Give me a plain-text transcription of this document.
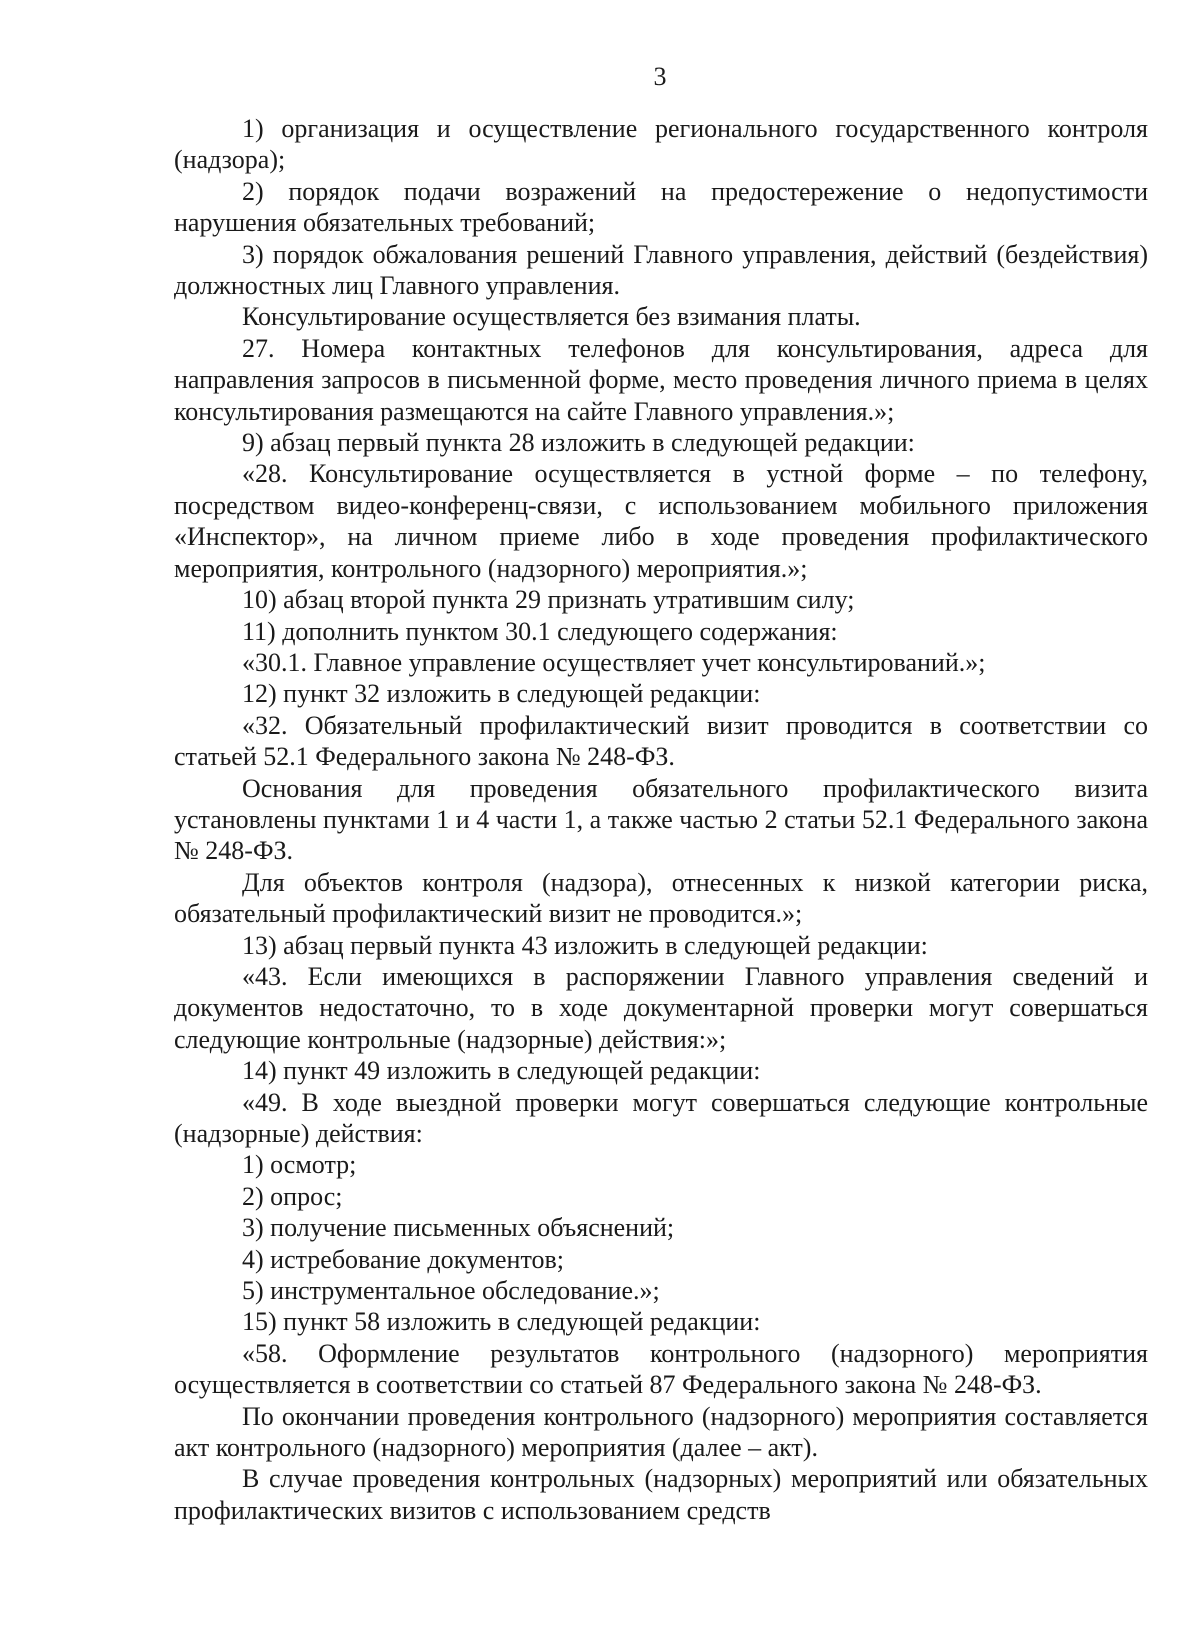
3

1) организация и осуществление регионального государственного контроля (надзора);

2) порядок подачи возражений на предостережение о недопустимости нарушения обязательных требований;

3) порядок обжалования решений Главного управления, действий (бездействия) должностных лиц Главного управления.

Консультирование осуществляется без взимания платы.

27. Номера контактных телефонов для консультирования, адреса для направления запросов в письменной форме, место проведения личного приема в целях консультирования размещаются на сайте Главного управления.»;

9) абзац первый пункта 28 изложить в следующей редакции:

«28. Консультирование осуществляется в устной форме – по телефону, посредством видео-конференц-связи, с использованием мобильного приложения «Инспектор», на личном приеме либо в ходе проведения профилактического мероприятия, контрольного (надзорного) мероприятия.»;

10) абзац второй пункта 29 признать утратившим силу;

11) дополнить пунктом 30.1 следующего содержания:

«30.1. Главное управление осуществляет учет консультирований.»;

12) пункт 32 изложить в следующей редакции:

«32. Обязательный профилактический визит проводится в соответствии со статьей 52.1 Федерального закона № 248-ФЗ.

Основания для проведения обязательного профилактического визита установлены пунктами 1 и 4 части 1, а также частью 2 статьи 52.1 Федерального закона № 248-ФЗ.

Для объектов контроля (надзора), отнесенных к низкой категории риска, обязательный профилактический визит не проводится.»;

13) абзац первый пункта 43 изложить в следующей редакции:

«43. Если имеющихся в распоряжении Главного управления сведений и документов недостаточно, то в ходе документарной проверки могут совершаться следующие контрольные (надзорные) действия:»;

14) пункт 49 изложить в следующей редакции:

«49. В ходе выездной проверки могут совершаться следующие контрольные (надзорные) действия:

1) осмотр;

2) опрос;

3) получение письменных объяснений;

4) истребование документов;

5) инструментальное обследование.»;

15) пункт 58 изложить в следующей редакции:

«58. Оформление результатов контрольного (надзорного) мероприятия осуществляется в соответствии со статьей 87 Федерального закона № 248-ФЗ.

По окончании проведения контрольного (надзорного) мероприятия составляется акт контрольного (надзорного) мероприятия (далее – акт).

В случае проведения контрольных (надзорных) мероприятий или обязательных профилактических визитов с использованием средств
